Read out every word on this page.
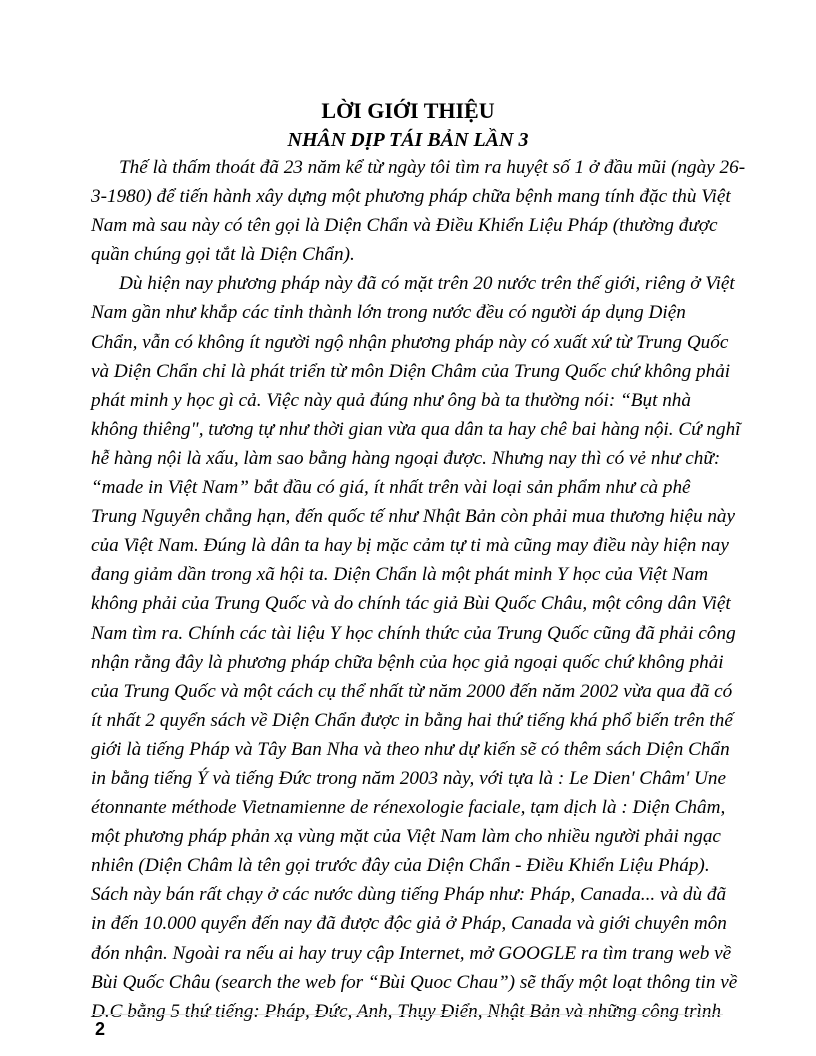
LỜI GIỚI THIỆU
NHÂN DỊP TÁI BẢN LẦN 3
Thế là thấm thoát đã 23 năm kể từ ngày tôi tìm ra huyệt số 1 ở đầu mũi (ngày 26-
3-1980) để tiến hành xây dựng một phương pháp chữa bệnh mang tính đặc thù Việt
Nam mà sau này có tên gọi là Diện Chẩn và Điều Khiển Liệu Pháp (thường được
quần chúng gọi tắt là Diện Chẩn).
Dù hiện nay phương pháp này đã có mặt trên 20 nước trên thế giới, riêng ở Việt
Nam gần như khắp các tỉnh thành lớn trong nước đều có người áp dụng Diện
Chẩn, vẫn có không ít người ngộ nhận phương pháp này có xuất xứ từ Trung Quốc
và Diện Chẩn chỉ là phát triển từ môn Diện Châm của Trung Quốc chứ không phải
phát minh y học gì cả. Việc này quả đúng như ông bà ta thường nói: “Bụt nhà
không thiêng", tương tự như thời gian vừa qua dân ta hay chê bai hàng nội. Cứ nghĩ
hễ hàng nội là xấu, làm sao bằng hàng ngoại được. Nhưng nay thì có vẻ như chữ:
“made in Việt Nam” bắt đầu có giá, ít nhất trên vài loại sản phẩm như cà phê
Trung Nguyên chẳng hạn, đến quốc tế như Nhật Bản còn phải mua thương hiệu này
của Việt Nam. Đúng là dân ta hay bị mặc cảm tự ti mà cũng may điều này hiện nay
đang giảm dần trong xã hội ta. Diện Chẩn là một phát minh Y học của Việt Nam
không phải của Trung Quốc và do chính tác giả Bùi Quốc Châu, một công dân Việt
Nam tìm ra. Chính các tài liệu Y học chính thức của Trung Quốc cũng đã phải công
nhận rằng đây là phương pháp chữa bệnh của học giả ngoại quốc chứ không phải
của Trung Quốc và một cách cụ thể nhất từ năm 2000 đến năm 2002 vừa qua đã có
ít nhất 2 quyển sách về Diện Chẩn được in bằng hai thứ tiếng khá phổ biến trên thế
giới là tiếng Pháp và Tây Ban Nha và theo như dự kiến sẽ có thêm sách Diện Chẩn
in bằng tiếng Ý và tiếng Đức trong năm 2003 này, với tựa là : Le Dien' Châm' Une
étonnante méthode Vietnamienne de rénexologie faciale, tạm dịch là : Diện Châm,
một phương pháp phản xạ vùng mặt của Việt Nam làm cho nhiều người phải ngạc
nhiên (Diện Châm là tên gọi trước đây của Diện Chẩn - Điều Khiển Liệu Pháp).
Sách này bán rất chạy ở các nước dùng tiếng Pháp như: Pháp, Canada... và dù đã
in đến 10.000 quyển đến nay đã được độc giả ở Pháp, Canada và giới chuyên môn
đón nhận. Ngoài ra nếu ai hay truy cập Internet, mở GOOGLE ra tìm trang web về
Bùi Quốc Châu (search the web for “Bùi Quoc Chau”) sẽ thấy một loạt thông tin về
D.C bằng 5 thứ tiếng: Pháp, Đức, Anh, Thụy Điển, Nhật Bản và những công trình
2
